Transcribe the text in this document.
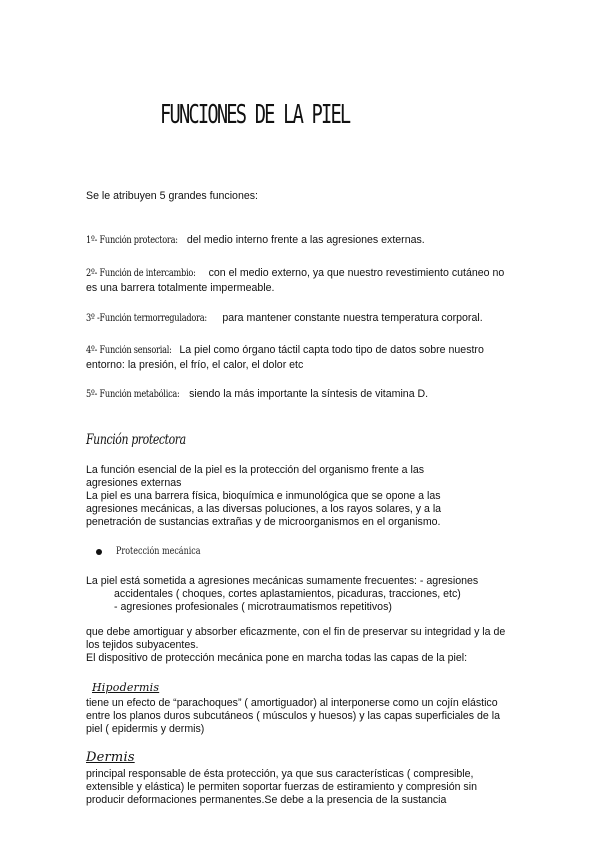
FUNCIONES DE LA PIEL
Se le atribuyen 5 grandes funciones:
1º- Función protectora: del medio interno frente a las agresiones externas.
2º- Función de intercambio: con el medio externo, ya que nuestro revestimiento cutáneo no es una barrera totalmente impermeable.
3º -Función termorreguladora: para mantener constante nuestra temperatura corporal.
4º- Función sensorial: La piel como órgano táctil capta todo tipo de datos sobre nuestro entorno: la presión, el frío, el calor, el dolor etc
5º- Función metabólica: siendo la más importante la síntesis de vitamina D.
Función protectora

La función esencial de la piel es la protección del organismo frente a las agresiones externas

La piel es una barrera física, bioquímica e inmunológica que se opone a las agresiones mecánicas, a las diversas poluciones, a los rayos solares, y a la penetración de sustancias extrañas y de microorganismos en el organismo.

Protección mecánica

La piel está sometida a agresiones mecánicas sumamente frecuentes: - agresiones

accidentales ( choques, cortes aplastamientos, picaduras, tracciones, etc)

- agresiones profesionales ( microtraumatismos repetitivos)

que debe amortiguar y absorber eficazmente, con el fin de preservar su integridad y la de los tejidos subyacentes.

El dispositivo de protección mecánica pone en marcha todas las capas de la piel:

Hipodermis
tiene un efecto de “parachoques” ( amortiguador) al interponerse como un cojín elástico entre los planos duros subcutáneos ( músculos y huesos) y las capas superficiales de la piel ( epidermis y dermis)
Dermis
principal responsable de ésta protección, ya que sus características ( compresible, extensible y elástica) le permiten soportar fuerzas de estiramiento y compresión sin producir deformaciones permanentes.Se debe a la presencia de la sustancia
